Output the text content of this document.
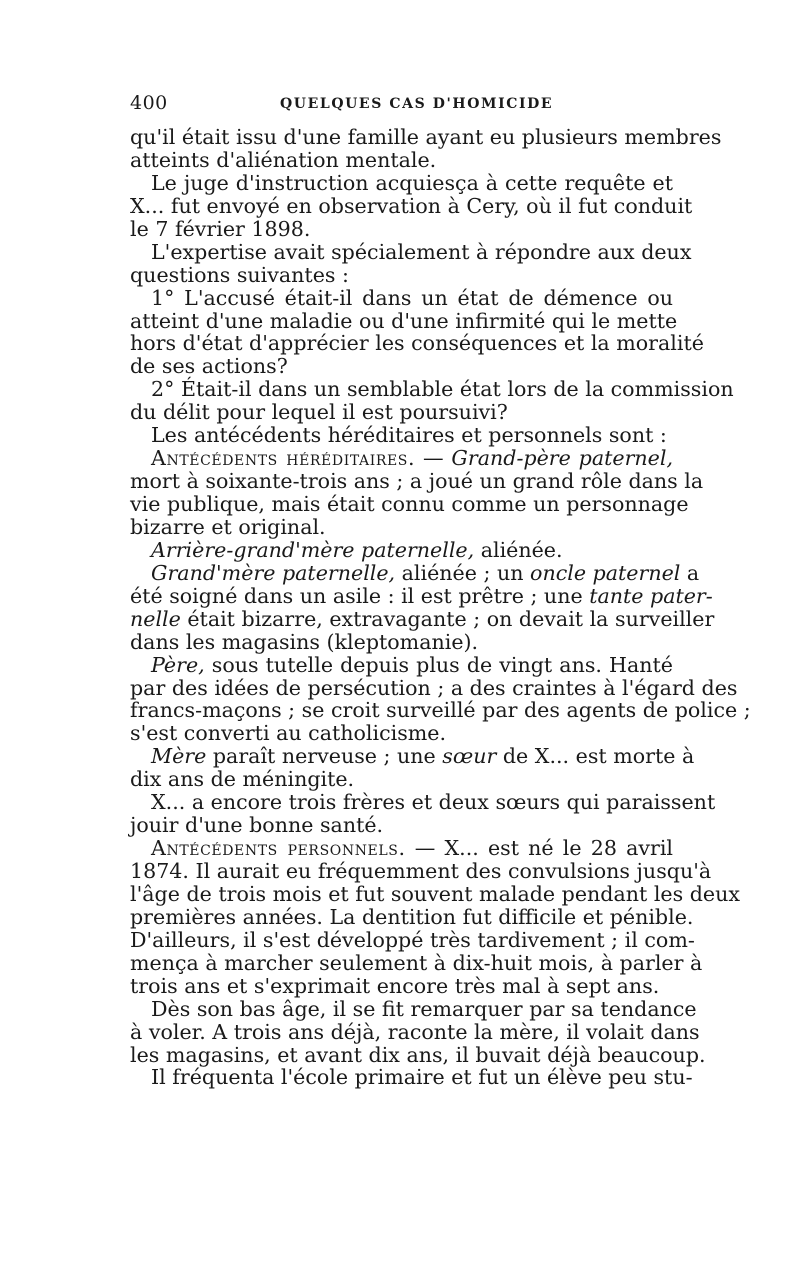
400	QUELQUES CAS D'HOMICIDE
qu'il était issu d'une famille ayant eu plusieurs membres
atteints d'aliénation mentale.
Le juge d'instruction acquiesça à cette requête et
X... fut envoyé en observation à Cery, où il fut conduit
le 7 février 1898.
L'expertise avait spécialement à répondre aux deux
questions suivantes :
1° L'accusé était-il dans un état de démence ou
atteint d'une maladie ou d'une infirmité qui le mette
hors d'état d'apprécier les conséquences et la moralité
de ses actions?
2° Était-il dans un semblable état lors de la commission
du délit pour lequel il est poursuivi?
Les antécédents héréditaires et personnels sont :
Antécédents héréditaires. — Grand-père paternel,
mort à soixante-trois ans ; a joué un grand rôle dans la
vie publique, mais était connu comme un personnage
bizarre et original.
Arrière-grand'mère paternelle, aliénée.
Grand'mère paternelle, aliénée ; un oncle paternel a
été soigné dans un asile : il est prêtre ; une tante pater-
nelle était bizarre, extravagante ; on devait la surveiller
dans les magasins (kleptomanie).
Père, sous tutelle depuis plus de vingt ans. Hanté
par des idées de persécution ; a des craintes à l'égard des
francs-maçons ; se croit surveillé par des agents de police ;
s'est converti au catholicisme.
Mère paraît nerveuse ; une sœur de X... est morte à
dix ans de méningite.
X... a encore trois frères et deux sœurs qui paraissent
jouir d'une bonne santé.
Antécédents personnels. — X... est né le 28 avril
1874. Il aurait eu fréquemment des convulsions jusqu'à
l'âge de trois mois et fut souvent malade pendant les deux
premières années. La dentition fut difficile et pénible.
D'ailleurs, il s'est développé très tardivement ; il com-
mença à marcher seulement à dix-huit mois, à parler à
trois ans et s'exprimait encore très mal à sept ans.
Dès son bas âge, il se fit remarquer par sa tendance
à voler. A trois ans déjà, raconte la mère, il volait dans
les magasins, et avant dix ans, il buvait déjà beaucoup.
Il fréquenta l'école primaire et fut un élève peu stu-
